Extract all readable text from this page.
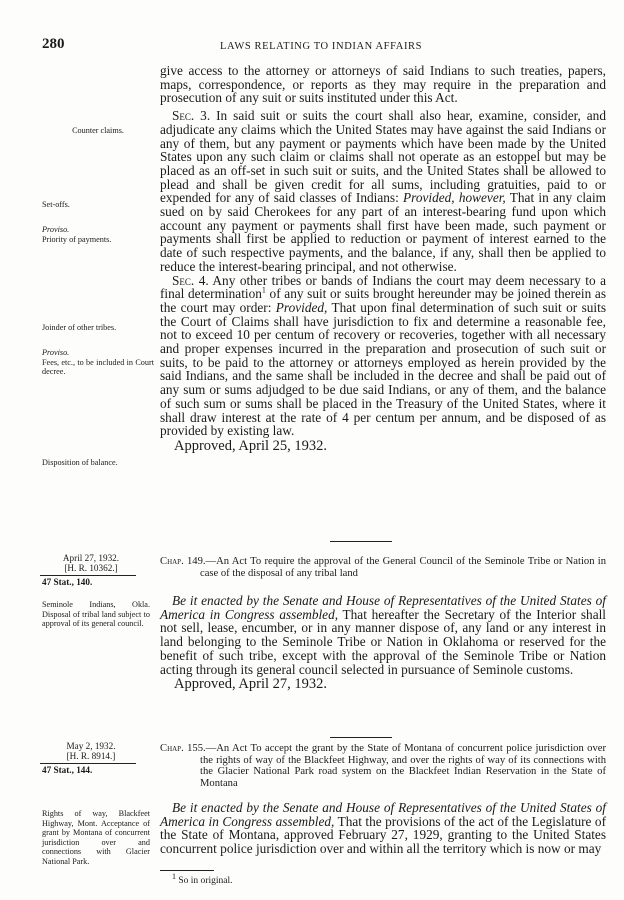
280	LAWS RELATING TO INDIAN AFFAIRS

give access to the attorney or attorneys of said Indians to such treaties, papers, maps, correspondence, or reports as they may require in the preparation and prosecution of any suit or suits instituted under this Act.

Sec. 3. In said suit or suits the court shall also hear, examine, consider, and adjudicate any claims which the United States may have against the said Indians or any of them, but any payment or payments which have been made by the United States upon any such claim or claims shall not operate as an estoppel but may be placed as an off-set in such suit or suits, and the United States shall be allowed to plead and shall be given credit for all sums, including gratuities, paid to or expended for any of said classes of Indians: Provided, however, That in any claim sued on by said Cherokees for any part of an interest-bearing fund upon which account any payment or payments shall first have been made, such payment or payments shall first be applied to reduction or payment of interest earned to the date of such respective payments, and the balance, if any, shall then be applied to reduce the interest-bearing principal, and not otherwise.

Sec. 4. Any other tribes or bands of Indians the court may deem necessary to a final determination$^1$ of any suit or suits brought hereunder may be joined therein as the court may order: Provided, That upon final determination of such suit or suits the Court of Claims shall have jurisdiction to fix and determine a reasonable fee, not to exceed 10 per centum of recovery or recoveries, together with all necessary and proper expenses incurred in the preparation and prosecution of such suit or suits, to be paid to the attorney or attorneys employed as herein provided by the said Indians, and the same shall be included in the decree and shall be paid out of any sum or sums adjudged to be due said Indians, or any of them, and the balance of such sum or sums shall be placed in the Treasury of the United States, where it shall draw interest at the rate of 4 per centum per annum, and be disposed of as provided by existing law.

Approved, April 25, 1932.

Counter claims.
Set-offs.
Proviso.
Priority of payments.
Joinder of other tribes.
Proviso.
Fees, etc., to be included in Court decree.
Disposition of balance.
April 27, 1932.
[H. R. 10362.]
47 Stat., 140.
Chap. 149.—An Act To require the approval of the General Council of the Seminole Tribe or Nation in case of the disposal of any tribal land

Be it enacted by the Senate and House of Representatives of the United States of America in Congress assembled, That hereafter the Secretary of the Interior shall not sell, lease, encumber, or in any manner dispose of, any land or any interest in land belonging to the Seminole Tribe or Nation in Oklahoma or reserved for the benefit of such tribe, except with the approval of the Seminole Tribe or Nation acting through its general council selected in pursuance of Seminole customs.

Approved, April 27, 1932.

Seminole Indians, Okla. Disposal of tribal land subject to approval of its general council.
May 2, 1932.
[H. R. 8914.]
47 Stat., 144.
Chap. 155.—An Act To accept the grant by the State of Montana of concurrent police jurisdiction over the rights of way of the Blackfeet Highway, and over the rights of way of its connections with the Glacier National Park road system on the Blackfeet Indian Reservation in the State of Montana

Be it enacted by the Senate and House of Representatives of the United States of America in Congress assembled, That the provisions of the act of the Legislature of the State of Montana, approved February 27, 1929, granting to the United States concurrent police jurisdiction over and within all the territory which is now or may

Rights of way, Blackfeet Highway, Mont. Acceptance of grant by Montana of concurrent jurisdiction over and connections with Glacier National Park.
$^1$ So in original.
